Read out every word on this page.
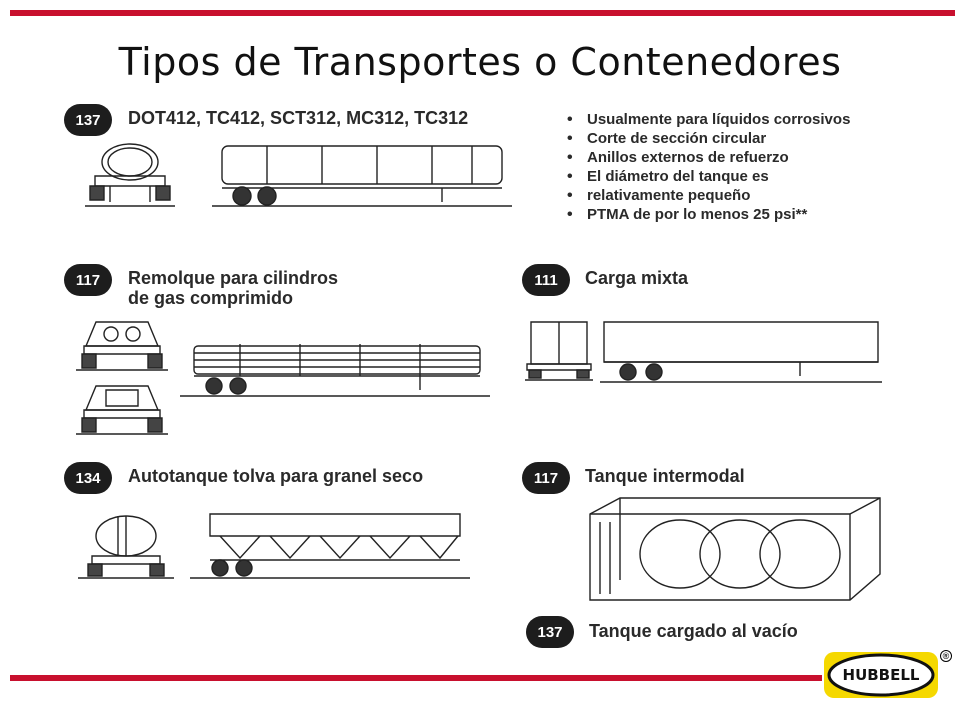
Tipos de Transportes o Contenedores
137	DOT412, TC412, SCT312, MC312, TC312
•	Usualmente para líquidos corrosivos
• Corte de sección circular
• Anillos externos de refuerzo
• El diámetro del tanque es
• relativamente pequeño
• PTMA de por lo menos 25 psi**
117	Remolque para cilindros
de gas comprimido
111	Carga mixta
134	Autotanque tolva para granel seco	117	Tanque intermodal
137	Tanque cargado al vacío
HUBBELL
®
